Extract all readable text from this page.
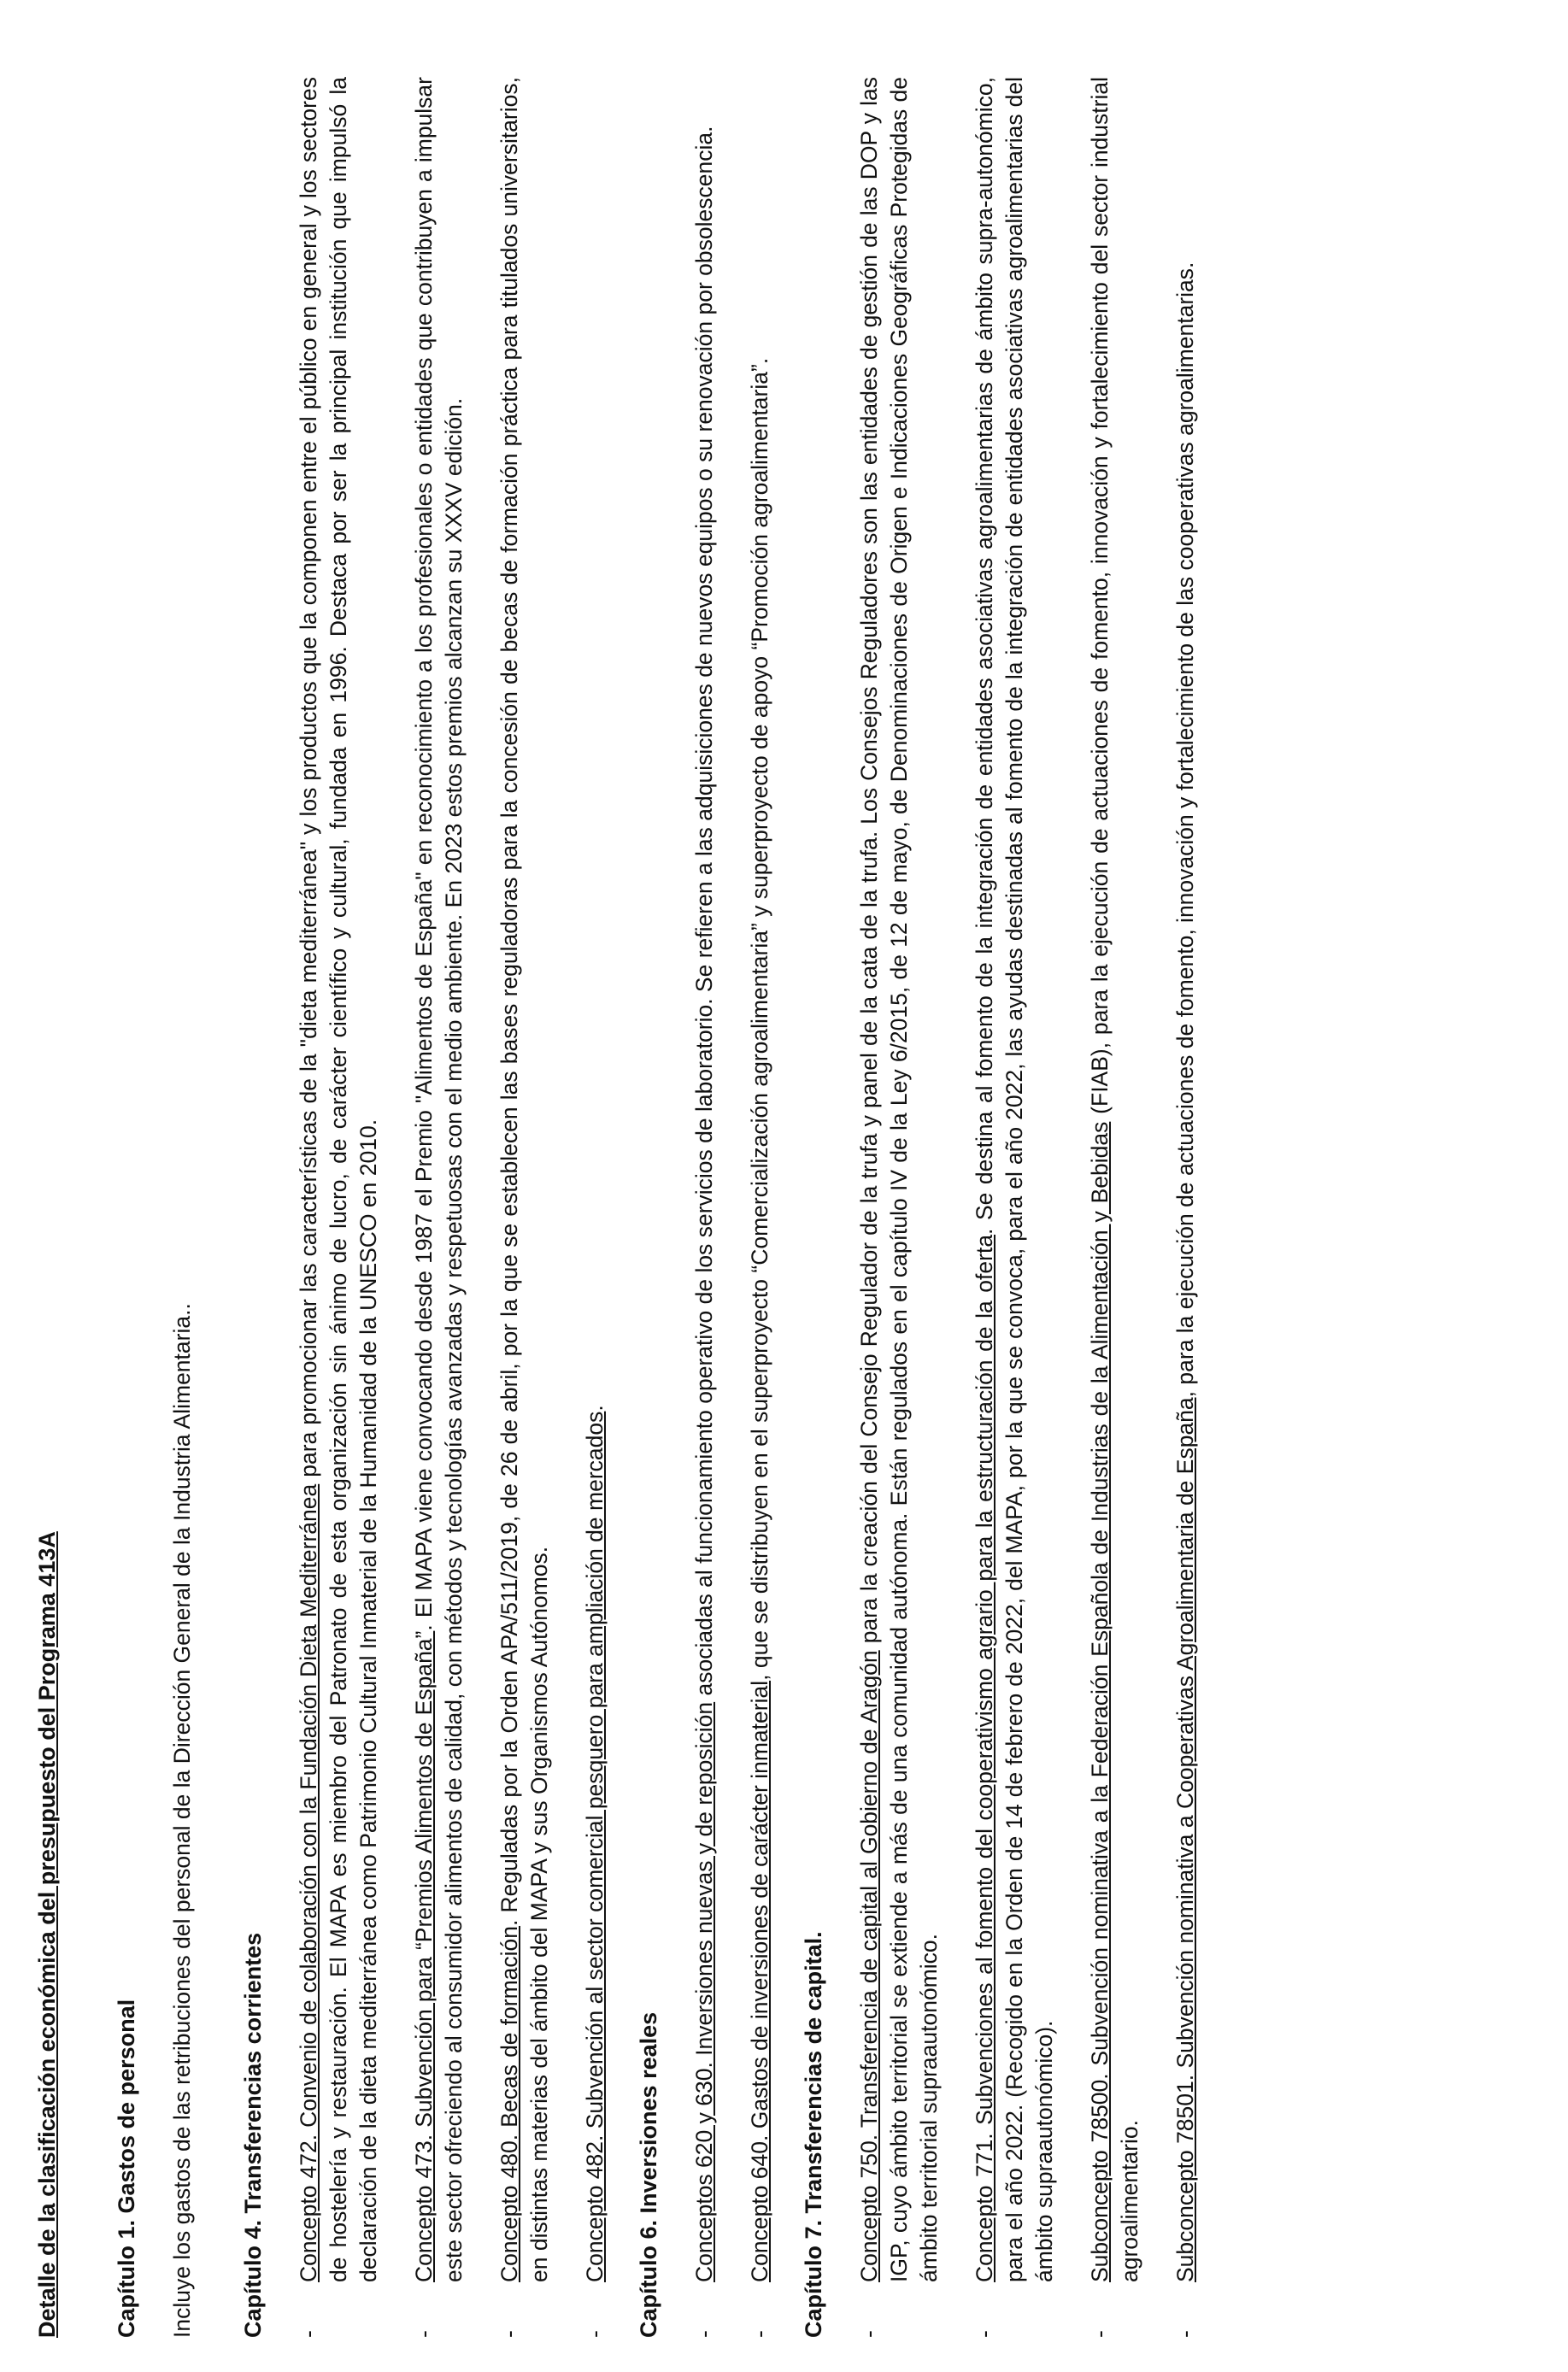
Detalle de la clasificación económica del presupuesto del Programa 413A Capítulo 1. Gastos de personal Incluye los gastos de las retribuciones del personal de la Dirección General de la Industria Alimentaria.. Capítulo 4. Transferencias corrientes -
Concepto 472. Convenio de colaboración con la Fundación Dieta Mediterránea para promocionar las características de la "dieta mediterránea" y los productos que la componen entre el público en general y los sectores de hostelería y restauración. El MAPA es miembro del Patronato de esta organización sin ánimo de lucro, de carácter científico y cultural, fundada en 1996. Destaca por ser la principal institución que impulsó la declaración de la dieta mediterránea como Patrimonio Cultural Inmaterial de la Humanidad de la UNESCO en 2010.
-
Concepto 473. Subvención para “Premios Alimentos de España”. El MAPA viene convocando desde 1987 el Premio "Alimentos de España" en reconocimiento a los profesionales o entidades que contribuyen a impulsar este sector ofreciendo al consumidor alimentos de calidad, con métodos y tecnologías avanzadas y respetuosas con el medio ambiente. En 2023 estos premios alcanzan su XXXV edición.
-
Concepto 480. Becas de formación. Reguladas por la Orden APA/511/2019, de 26 de abril, por la que se establecen las bases reguladoras para la concesión de becas de formación práctica para titulados universitarios, en distintas materias del ámbito del MAPA y sus Organismos Autónomos.
-
Concepto 482. Subvención al sector comercial pesquero para ampliación de mercados.
Capítulo 6. Inversiones reales -
Conceptos 620 y 630. Inversiones nuevas y de reposición asociadas al funcionamiento operativo de los servicios de laboratorio. Se refieren a las adquisiciones de nuevos equipos o su renovación por obsolescencia.
-
Concepto 640. Gastos de inversiones de carácter inmaterial, que se distribuyen en el superproyecto “Comercialización agroalimentaria” y superproyecto de apoyo “Promoción agroalimentaria”.
Capítulo 7. Transferencias de capital. -
Concepto 750. Transferencia de capital al Gobierno de Aragón para la creación del Consejo Regulador de la trufa y panel de la cata de la trufa. Los Consejos Reguladores son las entidades de gestión de las DOP y las IGP, cuyo ámbito territorial se extiende a más de una comunidad autónoma. Están regulados en el capítulo IV de la Ley 6/2015, de 12 de mayo, de Denominaciones de Origen e Indicaciones Geográficas Protegidas de ámbito territorial supraautonómico.
-
Concepto 771. Subvenciones al fomento del cooperativismo agrario para la estructuración de la oferta. Se destina al fomento de la integración de entidades asociativas agroalimentarias de ámbito supra-autonómico, para el año 2022. (Recogido en la Orden de 14 de febrero de 2022, del MAPA, por la que se convoca, para el año 2022, las ayudas destinadas al fomento de la integración de entidades asociativas agroalimentarias del ámbito supraautonómico).
-
Subconcepto 78500. Subvención nominativa a la Federación Española de Industrias de la Alimentación y Bebidas (FIAB), para la ejecución de actuaciones de fomento, innovación y fortalecimiento del sector industrial agroalimentario.
-
Subconcepto 78501. Subvención nominativa a Cooperativas Agroalimentaria de España, para la ejecución de actuaciones de fomento, innovación y fortalecimiento de las cooperativas agroalimentarias.
